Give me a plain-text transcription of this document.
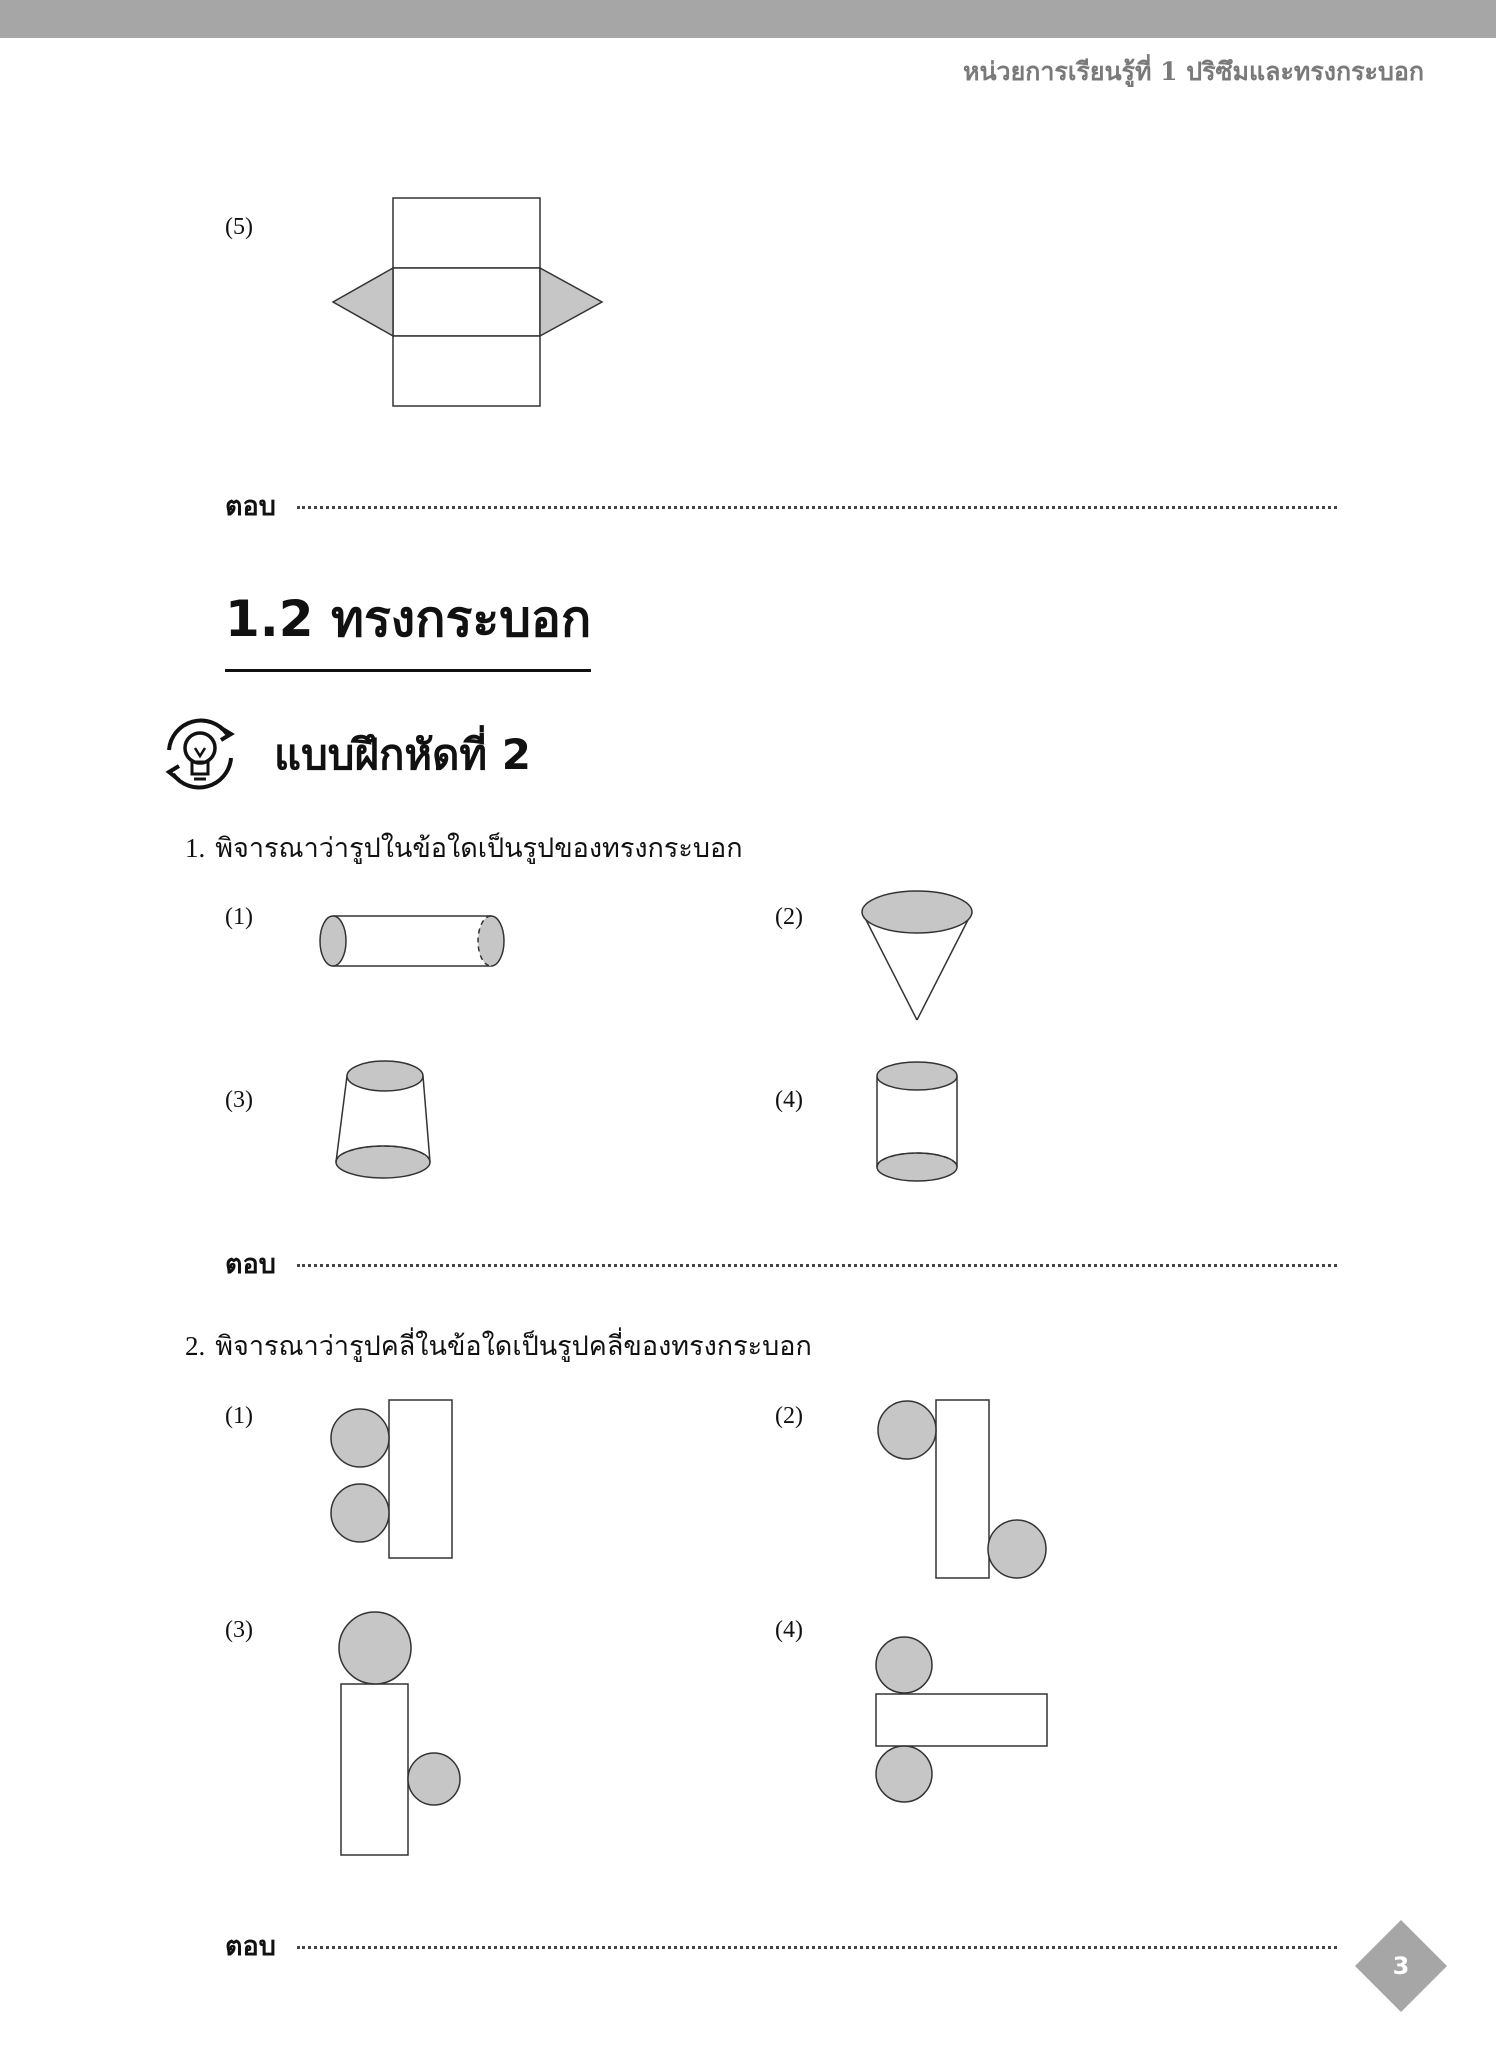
หน่วยการเรียนรู้ที่ 1 ปริซึมและทรงกระบอก
(5)
ตอบ
1.2 ทรงกระบอก
แบบฝึกหัดที่ 2
1. พิจารณาว่ารูปในข้อใดเป็นรูปของทรงกระบอก
(1)	(2)
(3)	(4)
ตอบ
2. พิจารณาว่ารูปคลี่ในข้อใดเป็นรูปคลี่ของทรงกระบอก
(1)	(2)
(3)	(4)
ตอบ
3
